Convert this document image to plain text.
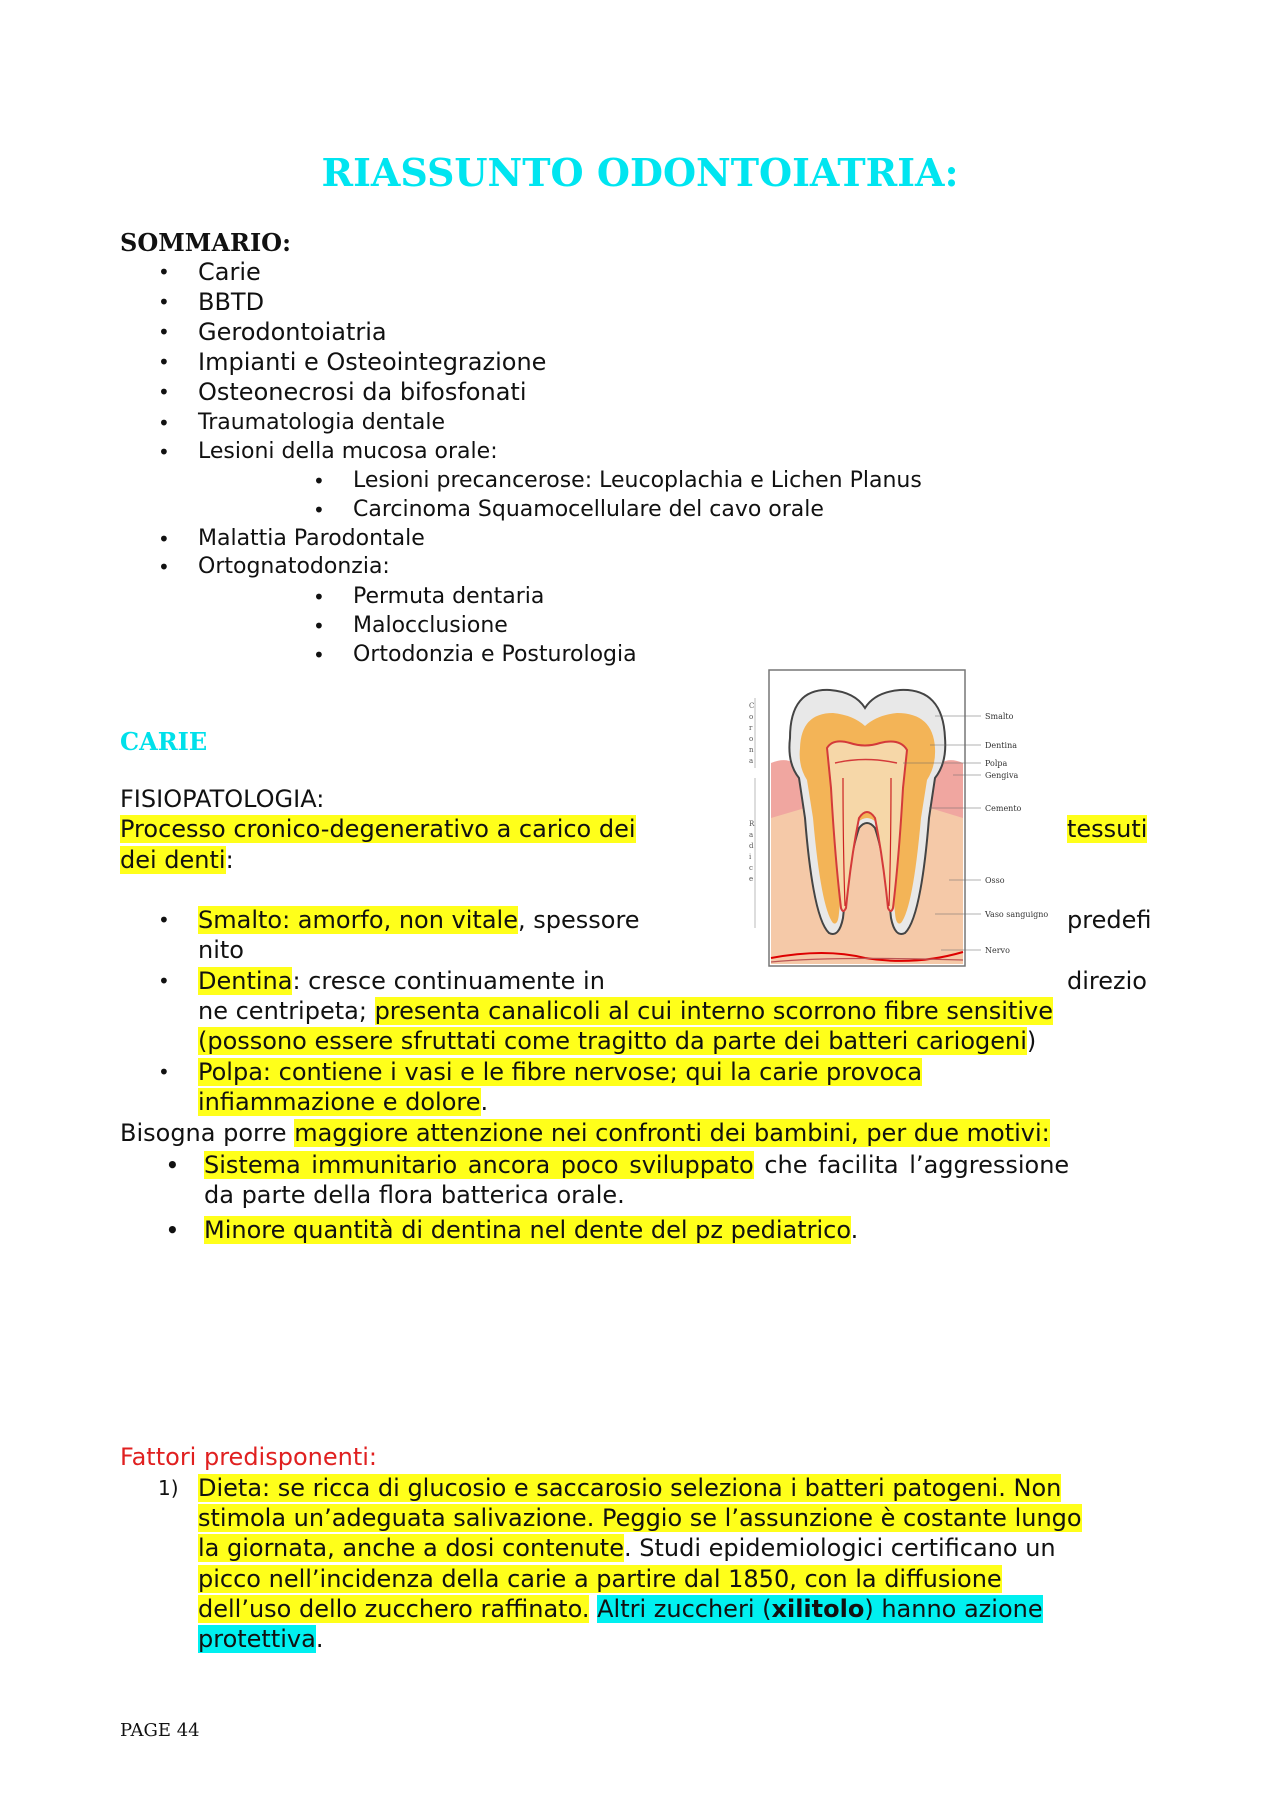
RIASSUNTO ODONTOIATRIA:
SOMMARIO:
• Carie
• BBTD
• Gerodontoiatria
• Impianti e Osteointegrazione
• Osteonecrosi da bifosfonati
• Traumatologia dentale
• Lesioni della mucosa orale:
• Lesioni precancerose: Leucoplachia e Lichen Planus
• Carcinoma Squamocellulare del cavo orale
• Malattia Parodontale
• Ortognatodonzia:
• Permuta dentaria
• Malocclusione
• Ortodonzia e Posturologia
CARIE
FISIOPATOLOGIA:
Processo cronico-degenerativo a carico dei	tessuti
dei denti:
• Smalto: amorfo, non vitale, spessore	predefi
nito
• Dentina: cresce continuamente in	direzio
ne centripeta; presenta canalicoli al cui interno scorrono fibre sensitive
(possono essere sfruttati come tragitto da parte dei batteri cariogeni)
• Polpa: contiene i vasi e le fibre nervose; qui la carie provoca
infiammazione e dolore.
Bisogna porre maggiore attenzione nei confronti dei bambini, per due motivi:
• Sistema immunitario ancora poco sviluppato che facilita l’aggressione
da parte della flora batterica orale.
• Minore quantità di dentina nel dente del pz pediatrico.
C o r o n a
R a d i c e
Smalto
Dentina
Polpa
Gengiva
Cemento
Osso
Vaso sanguigno
Nervo
Fattori predisponenti:
1) Dieta: se ricca di glucosio e saccarosio seleziona i batteri patogeni. Non
stimola un’adeguata salivazione. Peggio se l’assunzione è costante lungo
la giornata, anche a dosi contenute. Studi epidemiologici certificano un
picco nell’incidenza della carie a partire dal 1850, con la diffusione
dell’uso dello zucchero raffinato. Altri zuccheri (xilitolo) hanno azione
protettiva.
PAGE 44
